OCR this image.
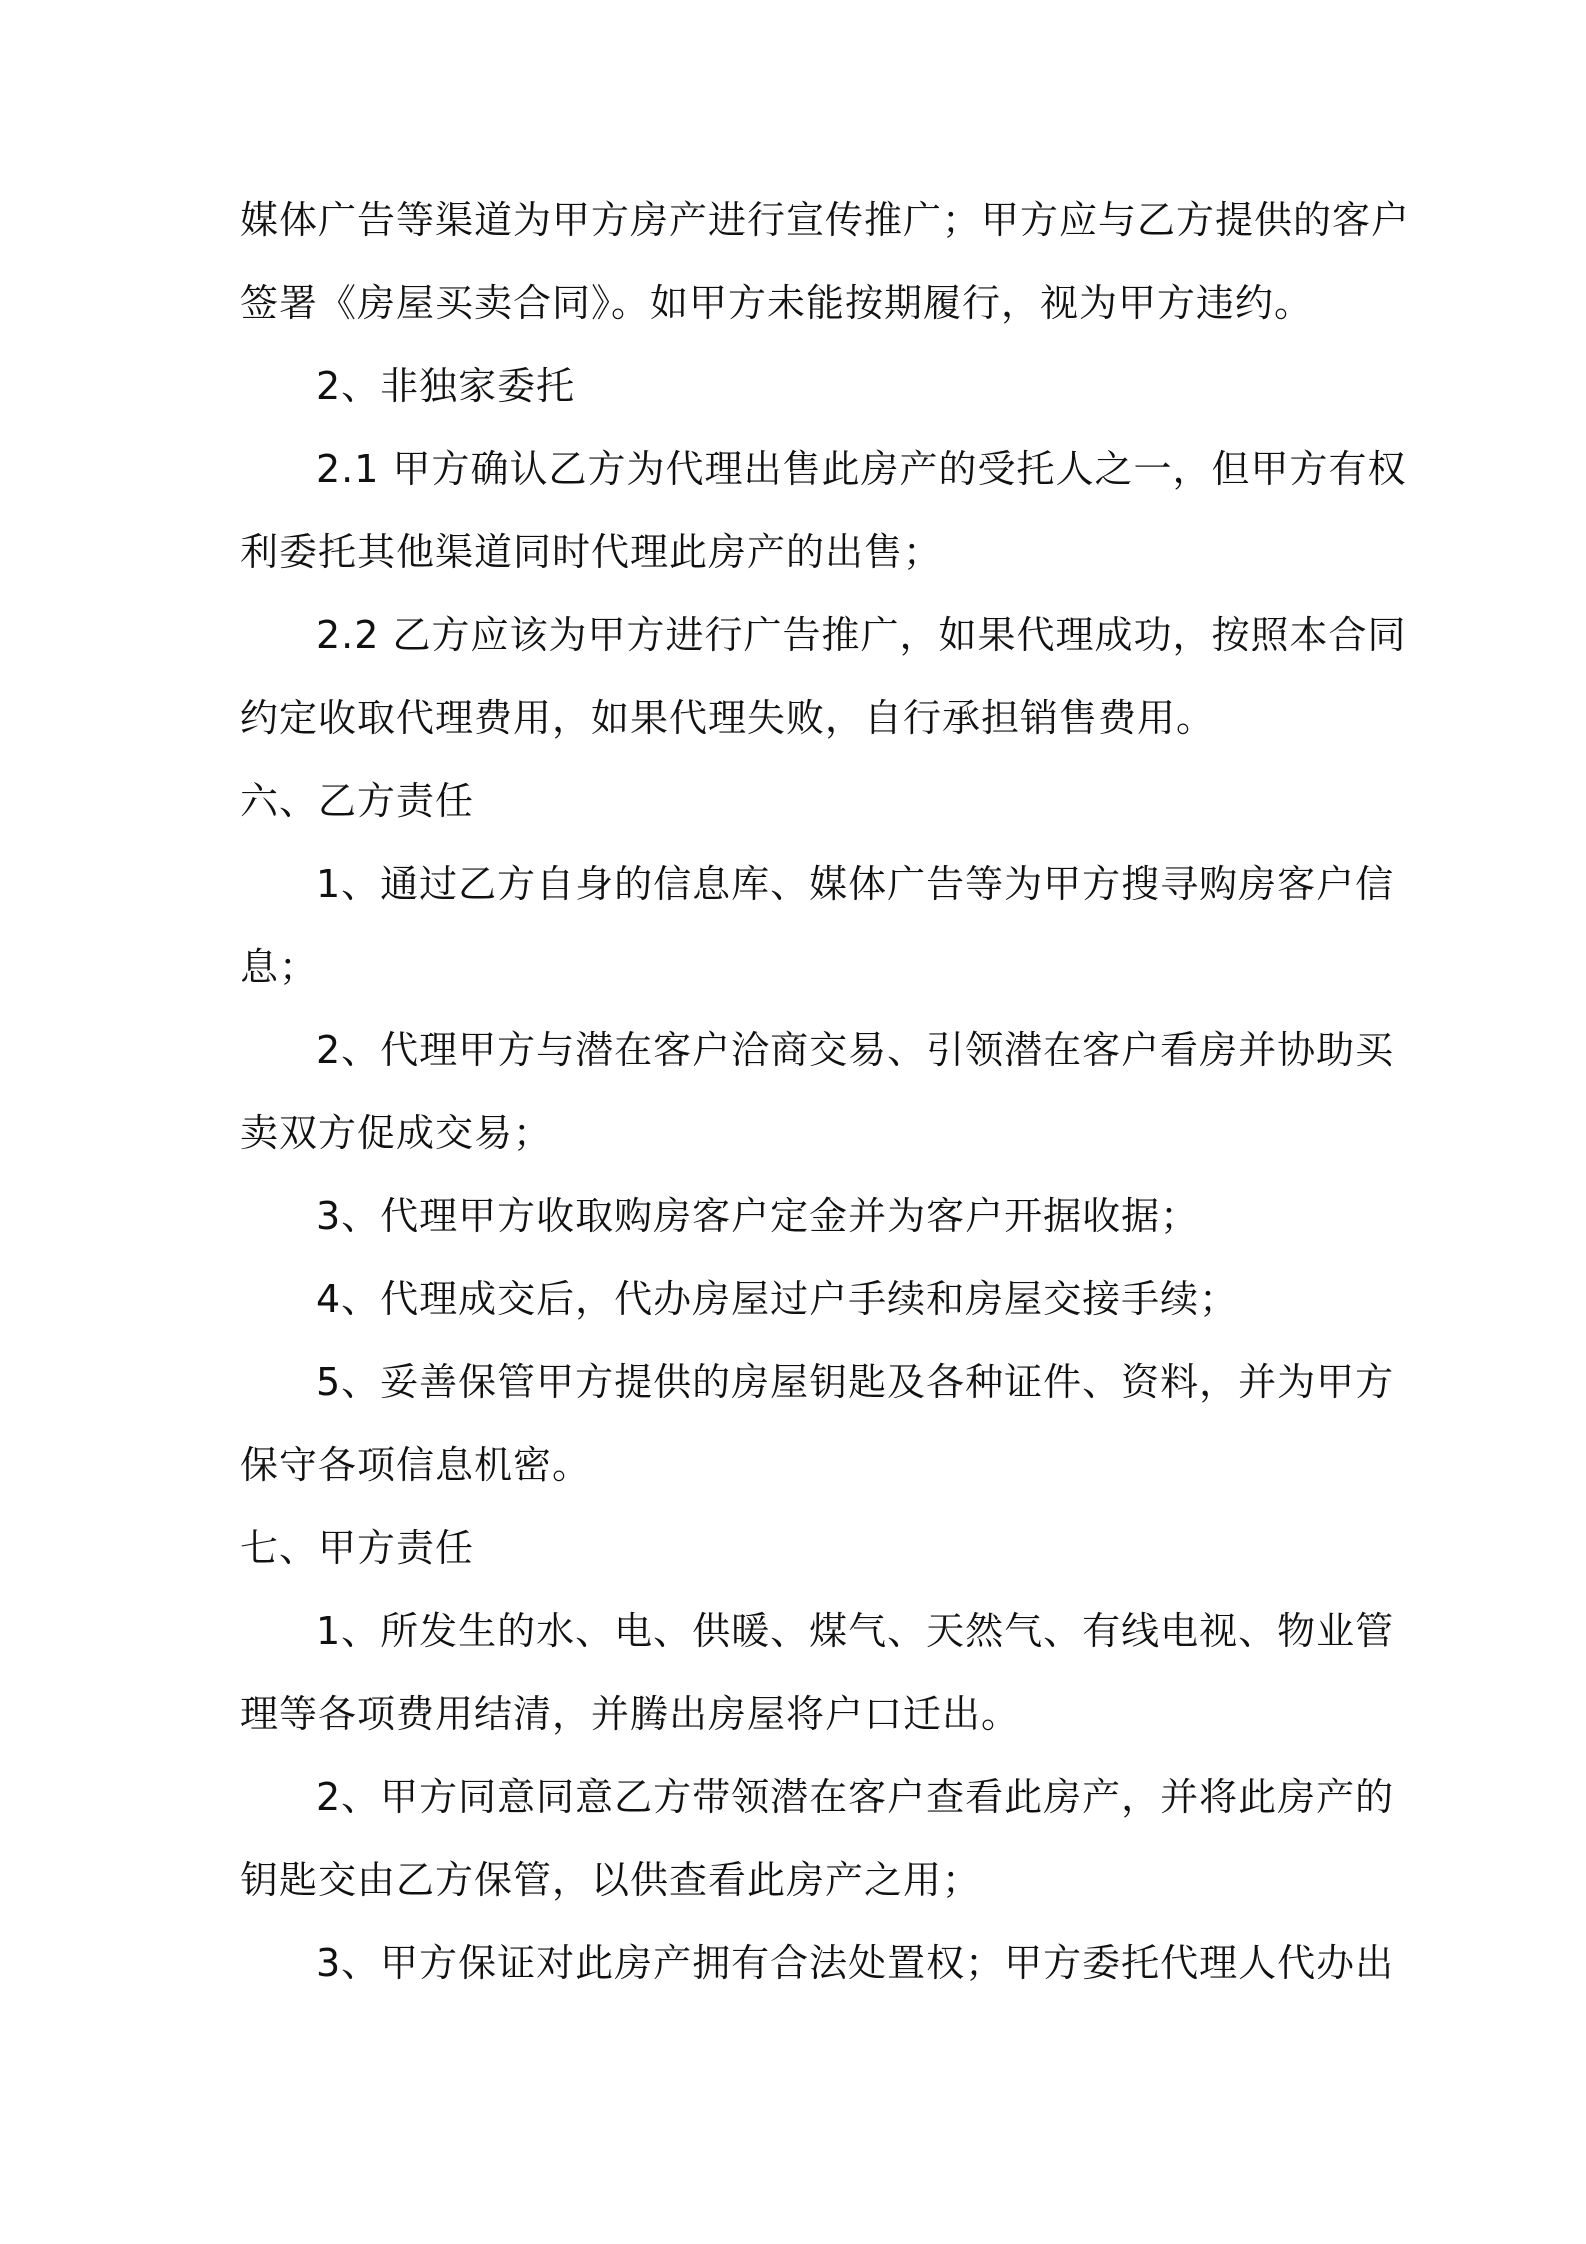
媒体广告等渠道为甲方房产进行宣传推广；甲方应与乙方提供的客户
签署《房屋买卖合同》。如甲方未能按期履行，视为甲方违约。
2、非独家委托
2.1 甲方确认乙方为代理出售此房产的受托人之一，但甲方有权
利委托其他渠道同时代理此房产的出售；
2.2 乙方应该为甲方进行广告推广，如果代理成功，按照本合同
约定收取代理费用，如果代理失败，自行承担销售费用。
六、乙方责任
1、通过乙方自身的信息库、媒体广告等为甲方搜寻购房客户信
息；
2、代理甲方与潜在客户洽商交易、引领潜在客户看房并协助买
卖双方促成交易；
3、代理甲方收取购房客户定金并为客户开据收据；
4、代理成交后，代办房屋过户手续和房屋交接手续；
5、妥善保管甲方提供的房屋钥匙及各种证件、资料，并为甲方
保守各项信息机密。
七、甲方责任
1、所发生的水、电、供暖、煤气、天然气、有线电视、物业管
理等各项费用结清，并腾出房屋将户口迁出。
2、甲方同意同意乙方带领潜在客户查看此房产，并将此房产的
钥匙交由乙方保管，以供查看此房产之用；
3、甲方保证对此房产拥有合法处置权；甲方委托代理人代办出
